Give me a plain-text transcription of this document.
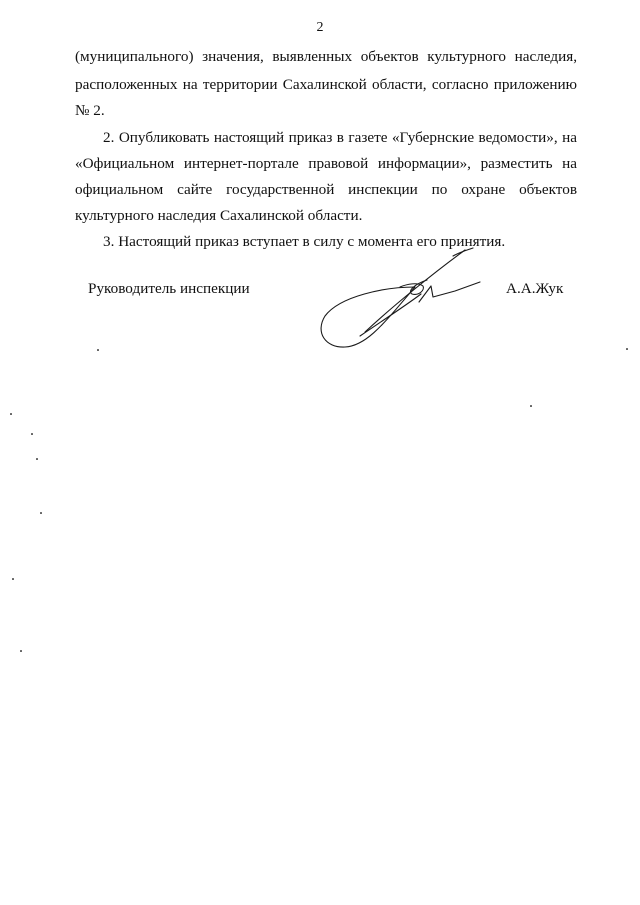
2
(муниципального) значения, выявленных объектов культурного наследия,
расположенных на территории Сахалинской области, согласно приложению
№ 2.
2. Опубликовать настоящий приказ в газете «Губернские ведомости», на
«Официальном интернет-портале правовой информации», разместить на
официальном сайте государственной инспекции по охране объектов
культурного наследия Сахалинской области.
3. Настоящий приказ вступает в силу с момента его принятия.
Руководитель инспекции	А.А.Жук
